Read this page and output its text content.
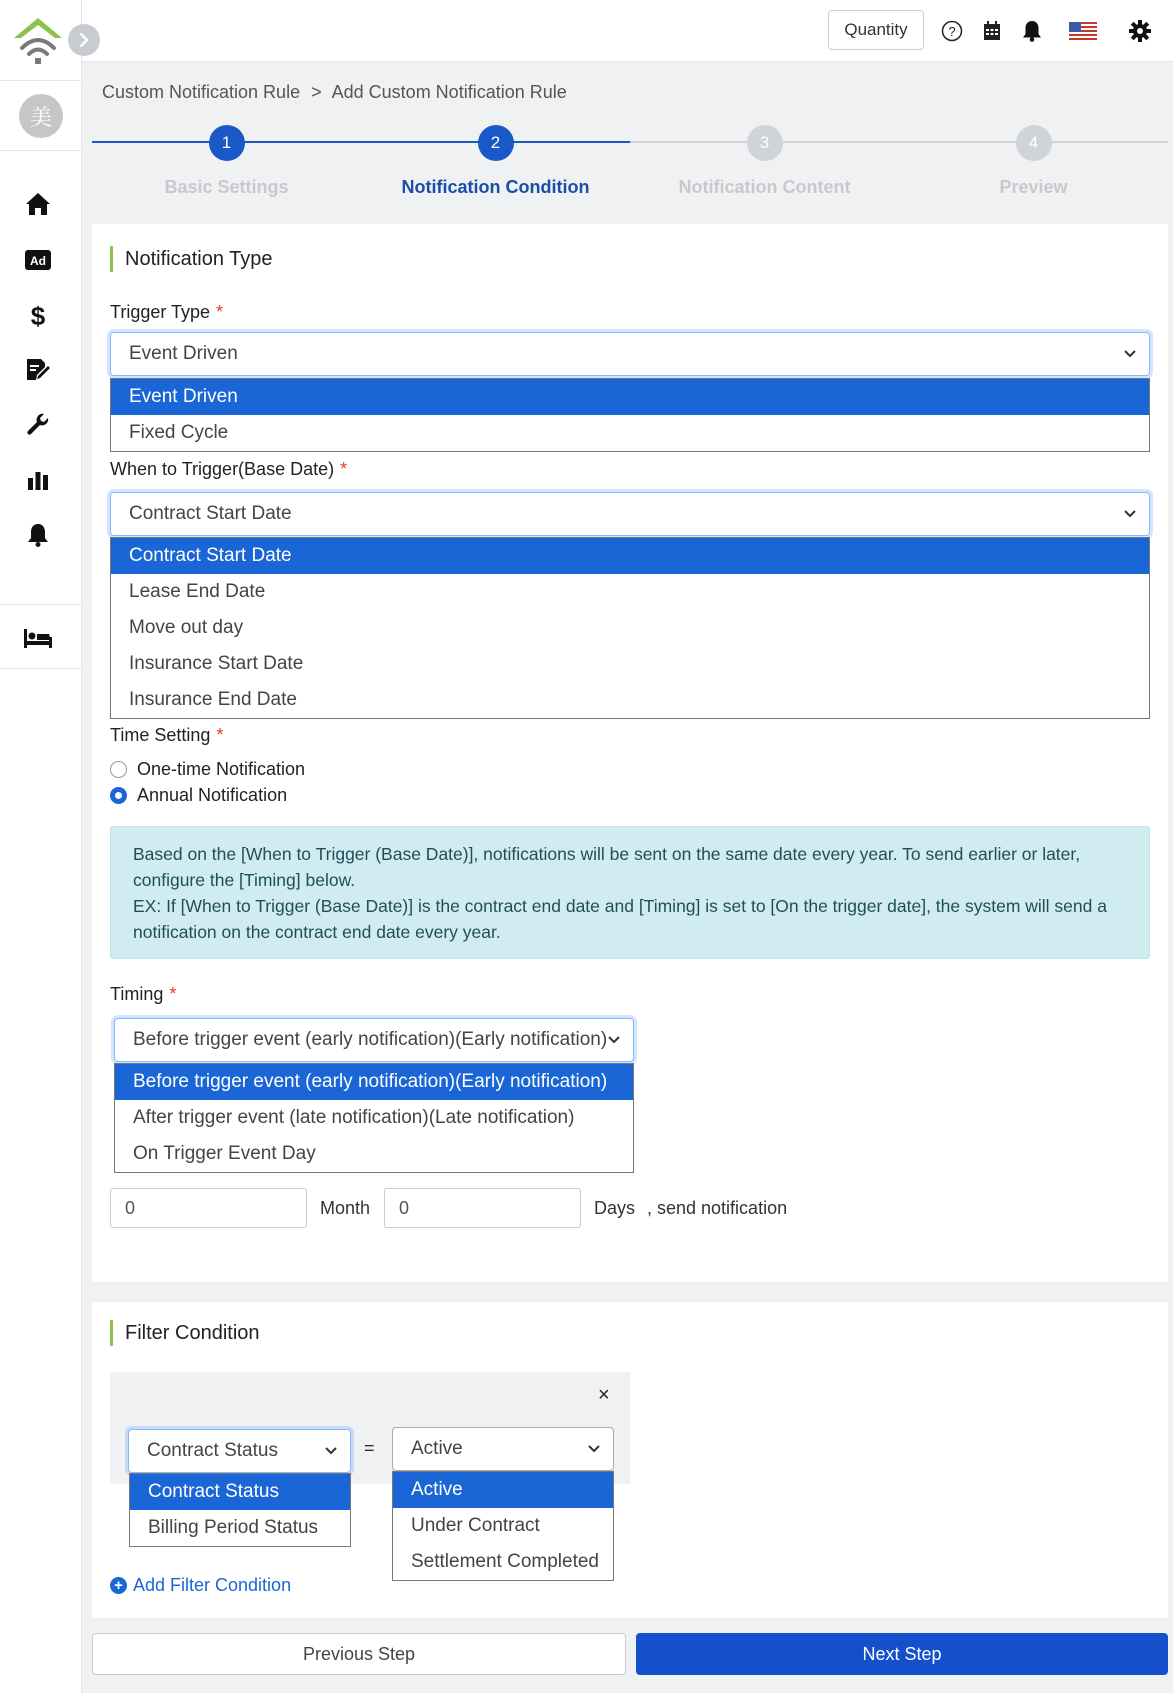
美
Ad
$
Quantity	?
Custom Notification Rule > Add Custom Notification Rule
1
Basic Settings
2
Notification Condition
3
Notification Content
4
Preview
Notification Type
Trigger Type *
Event Driven
Event Driven
Fixed Cycle
When to Trigger(Base Date) *
Contract Start Date
Contract Start Date
Lease End Date
Move out day
Insurance Start Date
Insurance End Date
Time Setting *
One-time Notification
Annual Notification
Based on the [When to Trigger (Base Date)], notifications will be sent on the same date every year. To send earlier or later, configure the [Timing] below.
EX: If [When to Trigger (Base Date)] is the contract end date and [Timing] is set to [On the trigger date], the system will send a notification on the contract end date every year.
Timing *
Before trigger event (early notification)(Early notification)
Before trigger event (early notification)(Early notification)
After trigger event (late notification)(Late notification)
On Trigger Event Day
0	Month	0	Days , send notification
Filter Condition
×
Contract Status
Contract Status
Billing Period Status
= Active
Active
Under Contract
Settlement Completed
+ Add Filter Condition
Previous Step	Next Step
